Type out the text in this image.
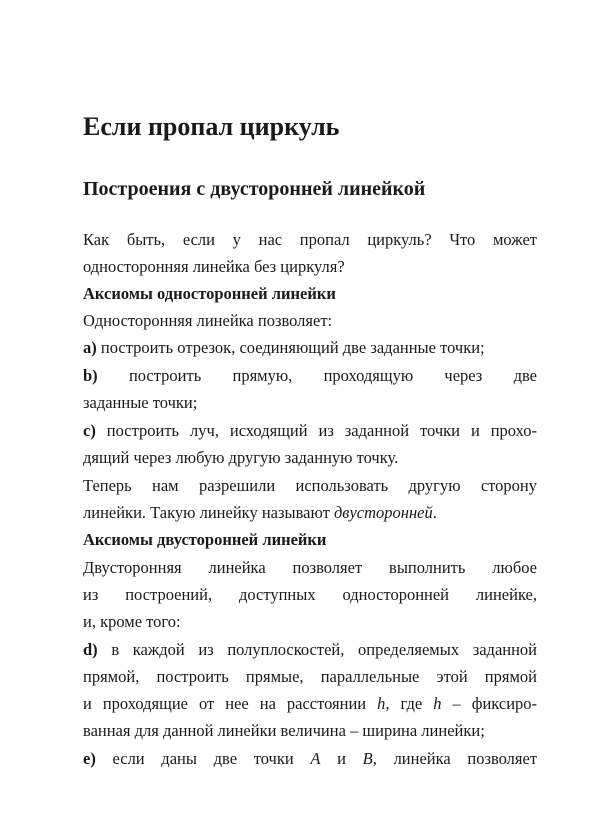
Если пропал циркуль
Построения с двусторонней линейкой
Как быть, если у нас пропал циркуль? Что может
односторонняя линейка без циркуля?
Аксиомы односторонней линейки
Односторонняя линейка позволяет:
a) построить отрезок, соединяющий две заданные точки;
b) построить прямую, проходящую через две
заданные точки;
c) построить луч, исходящий из заданной точки и прохо-
дящий через любую другую заданную точку.
Теперь нам разрешили использовать другую сторону
линейки. Такую линейку называют двусторонней.
Аксиомы двусторонней линейки
Двусторонняя линейка позволяет выполнить любое
из построений, доступных односторонней линейке,
и, кроме того:
d) в каждой из полуплоскостей, определяемых заданной
прямой, построить прямые, параллельные этой прямой
и проходящие от нее на расстоянии h, где h – фиксиро-
ванная для данной линейки величина – ширина линейки;
e) если даны две точки A и B, линейка позволяет
